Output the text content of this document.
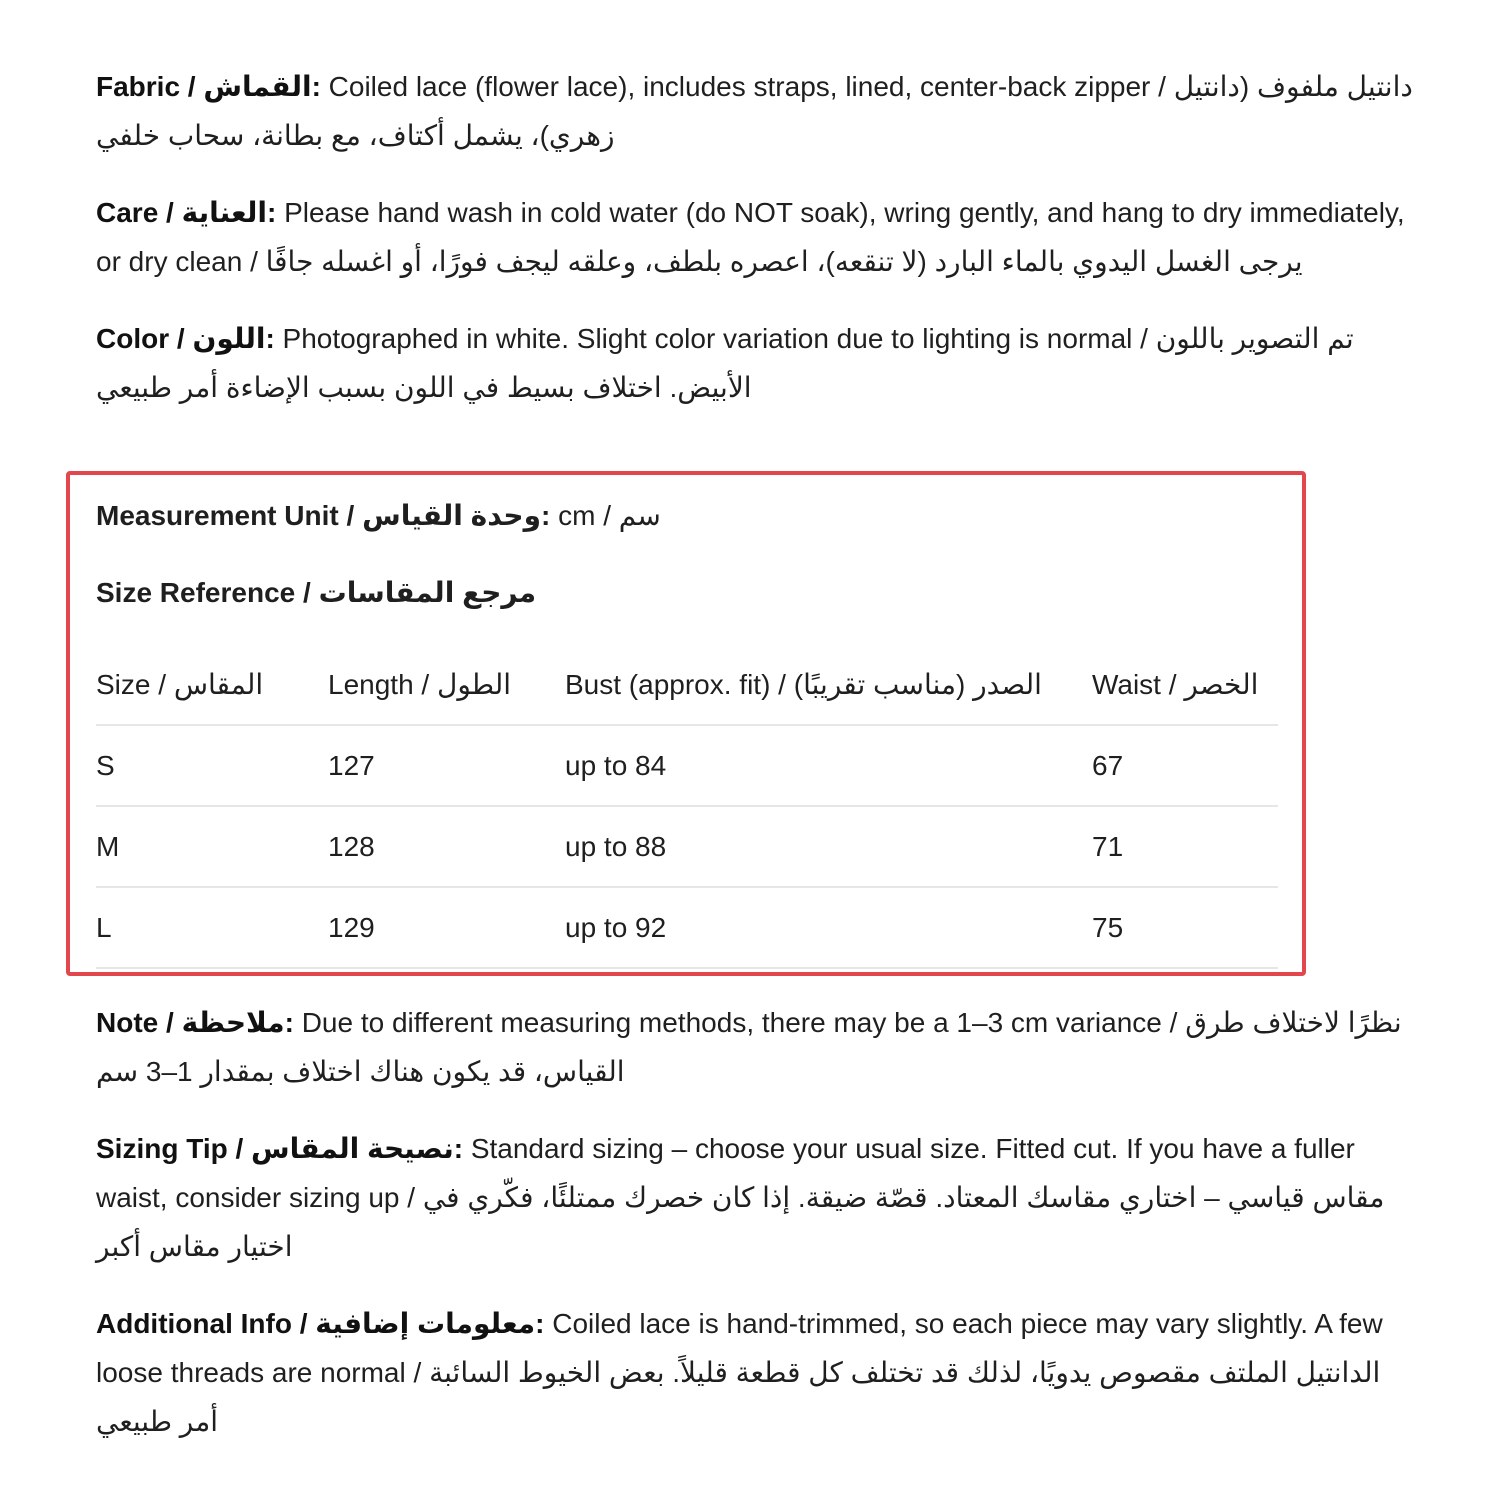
Fabric / القماش: Coiled lace (flower lace), includes straps, lined, center-back zipper / دانتيل ملفوف (دانتيل زهري)، يشمل أكتاف، مع بطانة، سحاب خلفي

Care / العناية: Please hand wash in cold water (do NOT soak), wring gently, and hang to dry immediately, or dry clean / يرجى الغسل اليدوي بالماء البارد (لا تنقعه)، اعصره بلطف، وعلقه ليجف فورًا، أو اغسله جافًا

Color / اللون: Photographed in white. Slight color variation due to lighting is normal / تم التصوير باللون الأبيض. اختلاف بسيط في اللون بسبب الإضاءة أمر طبيعي

Measurement Unit / وحدة القياس: cm / سم

Size Reference / مرجع المقاسات

Size / المقاس	Length / الطول	Bust (approx. fit) / الصدر (مناسب تقريبًا)	Waist / الخصر
S	127	up to 84	67
M	128	up to 88	71
L	129	up to 92	75

Note / ملاحظة: Due to different measuring methods, there may be a 1–3 cm variance / نظرًا لاختلاف طرق القياس، قد يكون هناك اختلاف بمقدار 1–3 سم

Sizing Tip / نصيحة المقاس: Standard sizing – choose your usual size. Fitted cut. If you have a fuller waist, consider sizing up / مقاس قياسي – اختاري مقاسك المعتاد. قصّة ضيقة. إذا كان خصرك ممتلئًا، فكّري في اختيار مقاس أكبر

Additional Info / معلومات إضافية: Coiled lace is hand-trimmed, so each piece may vary slightly. A few loose threads are normal / الدانتيل الملتف مقصوص يدويًا، لذلك قد تختلف كل قطعة قليلاً. بعض الخيوط السائبة أمر طبيعي
